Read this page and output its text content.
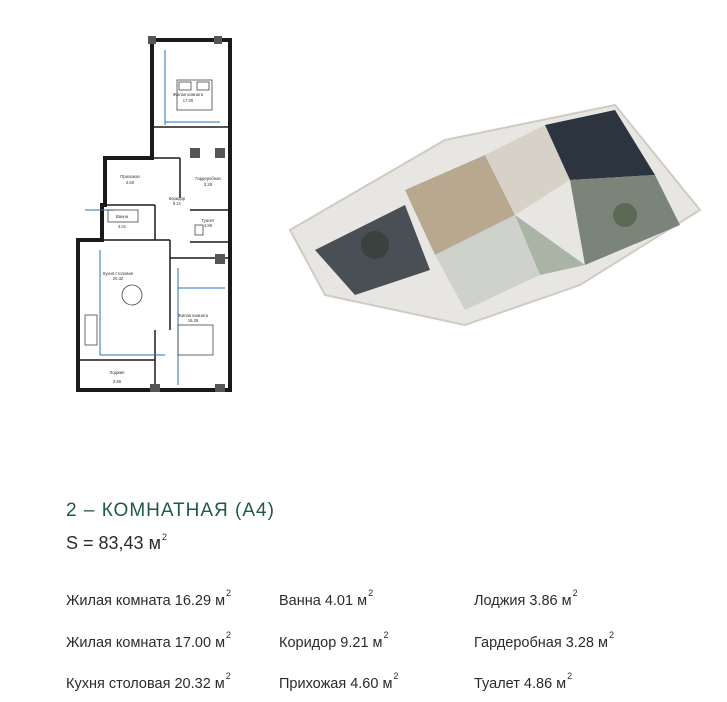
Жилая комната
17.00
Прихожая
4.60
Гардеробная
3.28
Коридор
9.21
Ванна
4.01
Туалет
4.86
Кухня столовая
20.32
Жилая комната
16.29
Лоджия
3.86
2 – КОМНАТНАЯ (А4)
S = 83,43 $м^2$
Жилая комната 16.29 $м^2$	Ванна 4.01 $м^2$	Лоджия 3.86 $м^2$
Жилая комната 17.00 $м^2$	Коридор 9.21 $м^2$	Гардеробная 3.28 $м^2$
Кухня столовая 20.32 $м^2$	Прихожая 4.60 $м^2$	Туалет 4.86 $м^2$
